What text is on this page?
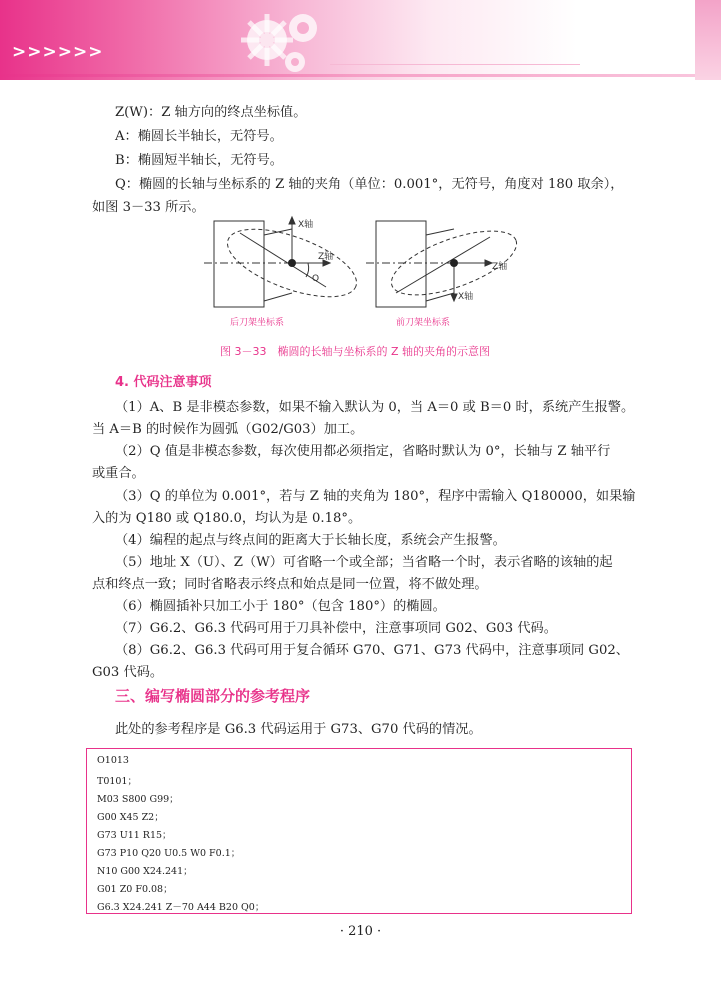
>>>>>>
Z(W)：Z 轴方向的终点坐标值。
A：椭圆长半轴长，无符号。
B：椭圆短半轴长，无符号。
Q：椭圆的长轴与坐标系的 Z 轴的夹角（单位：0.001°，无符号，角度对 180 取余），
如图 3－33 所示。
X轴
Z轴
Q
Z轴
X轴
后刀架坐标系	前刀架坐标系
图 3－33　椭圆的长轴与坐标系的 Z 轴的夹角的示意图
4. 代码注意事项
（1）A、B 是非模态参数，如果不输入默认为 0，当 A＝0 或 B＝0 时，系统产生报警。
当 A＝B 的时候作为圆弧（G02/G03）加工。
（2）Q 值是非模态参数，每次使用都必须指定，省略时默认为 0°，长轴与 Z 轴平行
或重合。
（3）Q 的单位为 0.001°，若与 Z 轴的夹角为 180°，程序中需输入 Q180000，如果输
入的为 Q180 或 Q180.0，均认为是 0.18°。
（4）编程的起点与终点间的距离大于长轴长度，系统会产生报警。
（5）地址 X（U）、Z（W）可省略一个或全部；当省略一个时，表示省略的该轴的起
点和终点一致；同时省略表示终点和始点是同一位置，将不做处理。
（6）椭圆插补只加工小于 180°（包含 180°）的椭圆。
（7）G6.2、G6.3 代码可用于刀具补偿中，注意事项同 G02、G03 代码。
（8）G6.2、G6.3 代码可用于复合循环 G70、G71、G73 代码中，注意事项同 G02、
G03 代码。
三、编写椭圆部分的参考程序
此处的参考程序是 G6.3 代码运用于 G73、G70 代码的情况。
O1013
T0101；
M03 S800 G99；
G00 X45 Z2；
G73 U11 R15；
G73 P10 Q20 U0.5 W0 F0.1；
N10 G00 X24.241；
G01 Z0 F0.08；
G6.3 X24.241 Z－70 A44 B20 Q0；
· 210 ·
